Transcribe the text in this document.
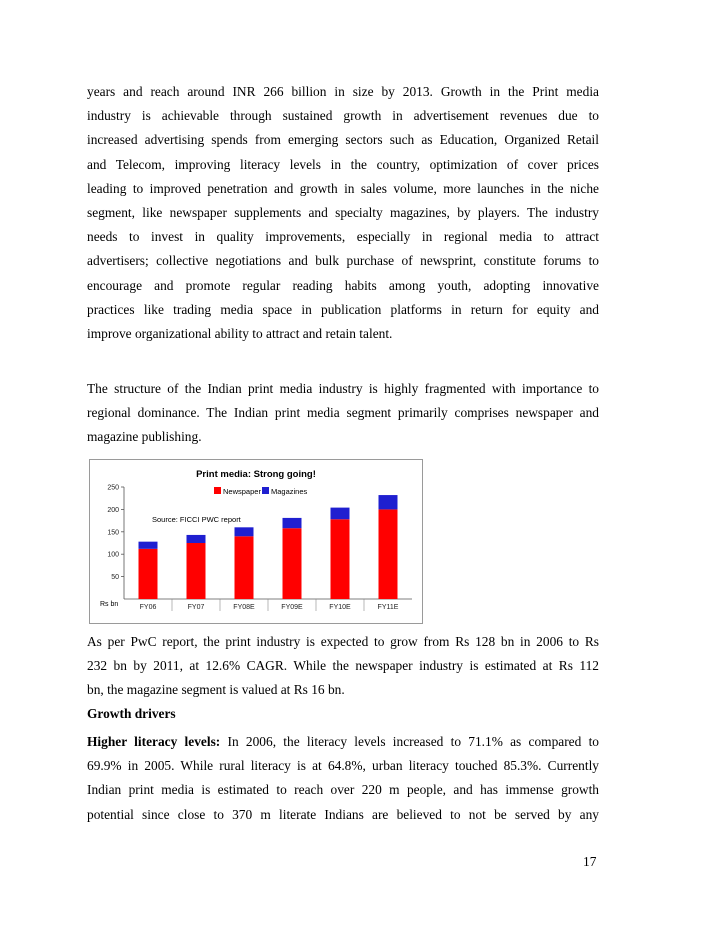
years and reach around INR 266 billion in size by 2013. Growth in the Print media
industry is achievable through sustained growth in advertisement revenues due to
increased advertising spends from emerging sectors such as Education, Organized Retail
and Telecom, improving literacy levels in the country, optimization of cover prices
leading to improved penetration and growth in sales volume, more launches in the niche
segment, like newspaper supplements and specialty magazines, by players. The industry
needs to invest in quality improvements, especially in regional media to attract
advertisers; collective negotiations and bulk purchase of newsprint, constitute forums to
encourage and promote regular reading habits among youth, adopting innovative
practices like trading media space in publication platforms in return for equity and
improve organizational ability to attract and retain talent.
The structure of the Indian print media industry is highly fragmented with importance to
regional dominance. The Indian print media segment primarily comprises newspaper and
magazine publishing.
Print media: Strong going!
Newspaper Magazines
Source: FICCI PWC report
Rs bn
50
100
150
200
250
FY06	FY07	FY08E	FY09E	FY10E	FY11E
As per PwC report, the print industry is expected to grow from Rs 128 bn in 2006 to Rs
232 bn by 2011, at 12.6% CAGR. While the newspaper industry is estimated at Rs 112
bn, the magazine segment is valued at Rs 16 bn.

Growth drivers

Higher literacy levels: In 2006, the literacy levels increased to 71.1% as compared to
69.9% in 2005. While rural literacy is at 64.8%, urban literacy touched 85.3%. Currently
Indian print media is estimated to reach over 220 m people, and has immense growth
potential since close to 370 m literate Indians are believed to not be served by any
17
